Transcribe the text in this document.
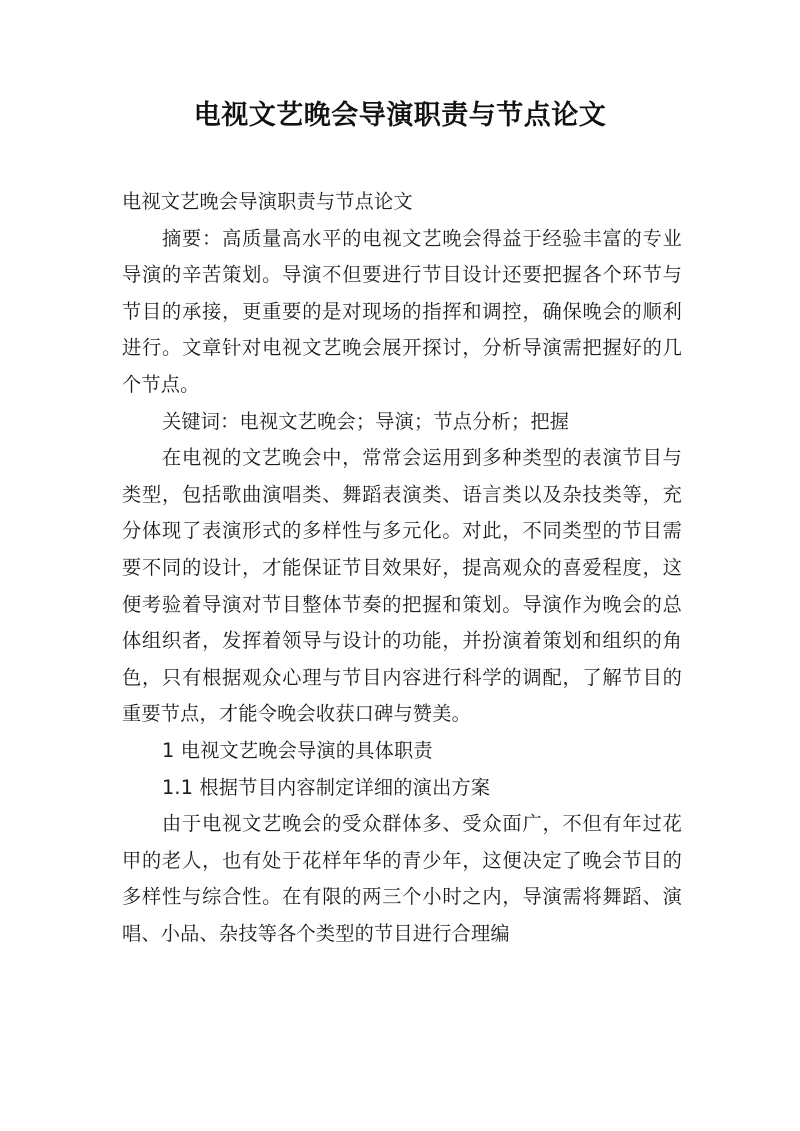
电视文艺晚会导演职责与节点论文

电视文艺晚会导演职责与节点论文

摘要：高质量高水平的电视文艺晚会得益于经验丰富的专业导演的辛苦策划。导演不但要进行节目设计还要把握各个环节与节目的承接，更重要的是对现场的指挥和调控，确保晚会的顺利进行。文章针对电视文艺晚会展开探讨，分析导演需把握好的几个节点。

关键词：电视文艺晚会；导演；节点分析；把握

在电视的文艺晚会中，常常会运用到多种类型的表演节目与类型，包括歌曲演唱类、舞蹈表演类、语言类以及杂技类等，充分体现了表演形式的多样性与多元化。对此，不同类型的节目需要不同的设计，才能保证节目效果好，提高观众的喜爱程度，这便考验着导演对节目整体节奏的把握和策划。导演作为晚会的总体组织者，发挥着领导与设计的功能，并扮演着策划和组织的角色，只有根据观众心理与节目内容进行科学的调配，了解节目的重要节点，才能令晚会收获口碑与赞美。

1 电视文艺晚会导演的具体职责

1.1 根据节目内容制定详细的演出方案

由于电视文艺晚会的受众群体多、受众面广，不但有年过花甲的老人，也有处于花样年华的青少年，这便决定了晚会节目的多样性与综合性。在有限的两三个小时之内，导演需将舞蹈、演唱、小品、杂技等各个类型的节目进行合理编
